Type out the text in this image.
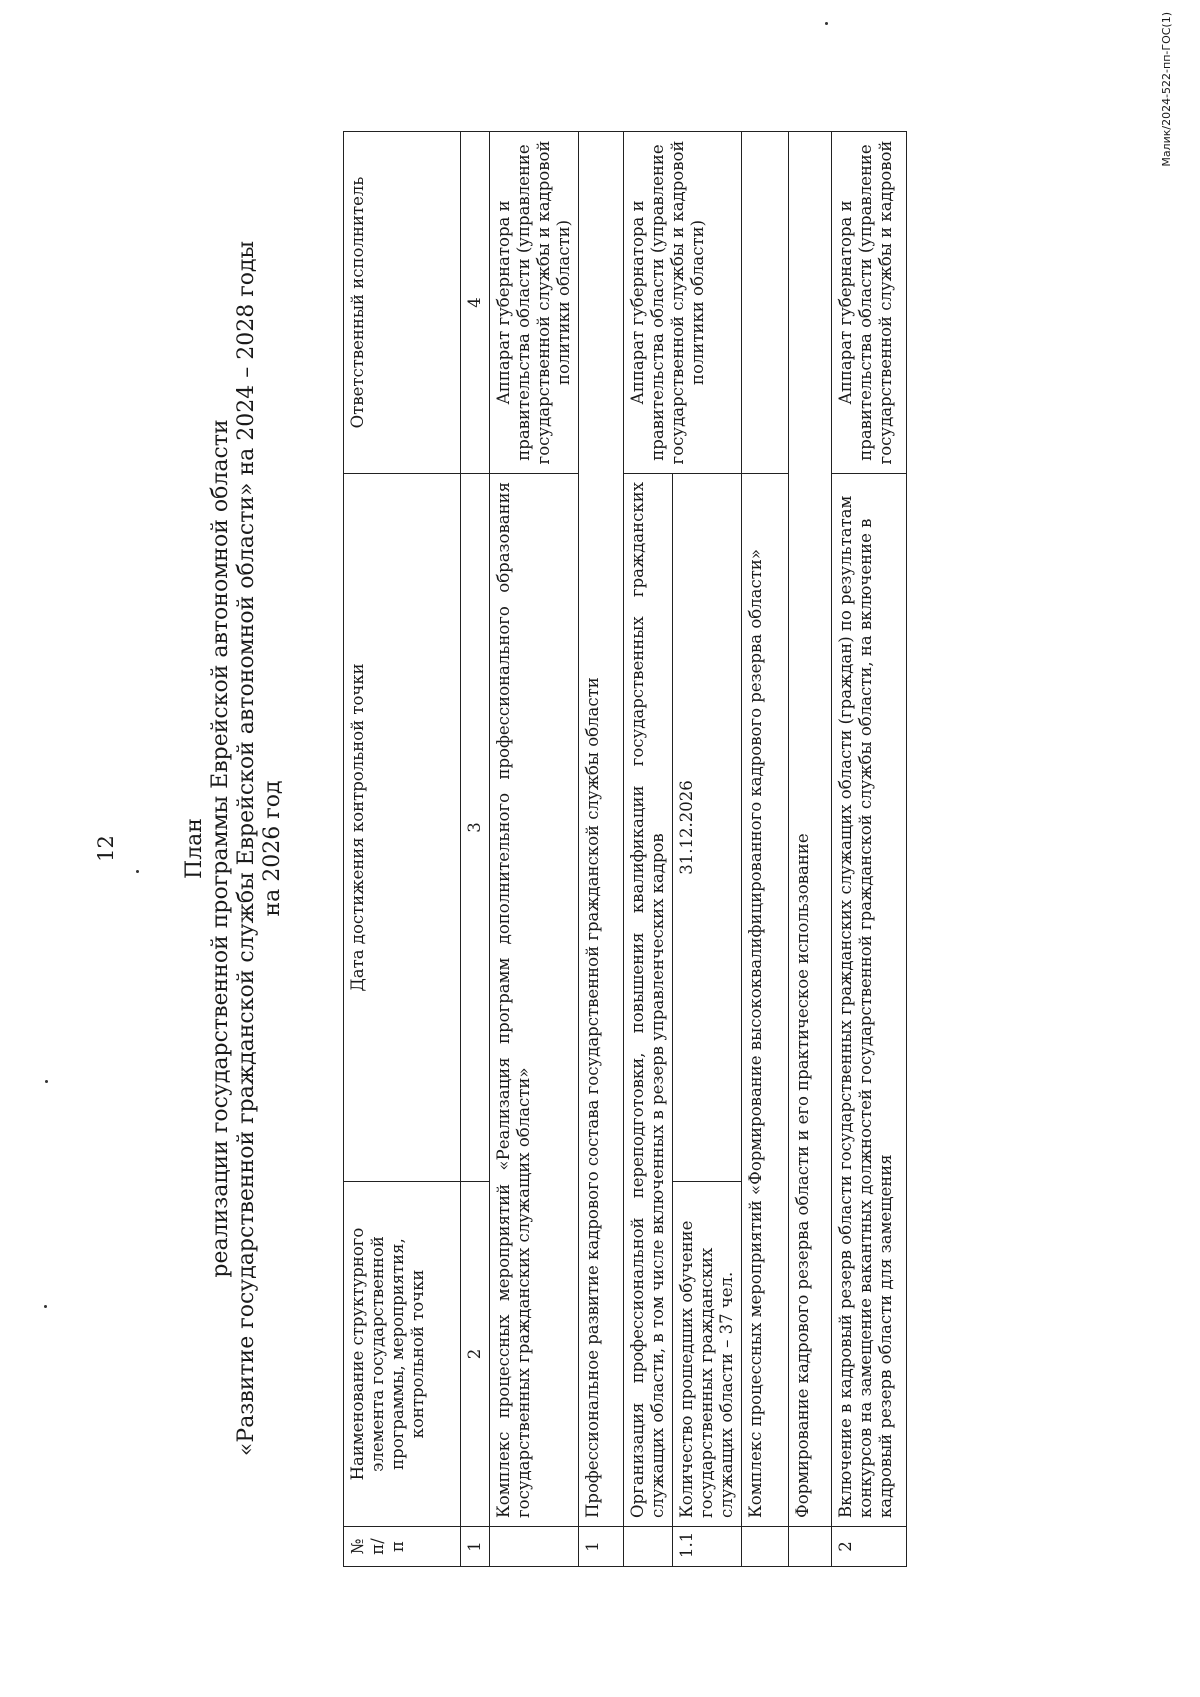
12	План реализации государственной программы Еврейской автономной области «Развитие государственной гражданской службы Еврейской автономной области» на 2024 – 2028 годы на 2026 год
№ п/п	Наименование структурного элемента государственной программы, мероприятия, контрольной точки	Дата достижения контрольной точки	Ответственный исполнитель
1	2	3	4
	Комплекс процессных мероприятий «Реализация программ дополнительного профессионального образования государственных гражданских служащих области»		Аппарат губернатора и правительства области (управление государственной службы и кадровой политики области)
1	Профессиональное развитие кадрового состава государственной гражданской службы области		
	Организация профессиональной переподготовки, повышения квалификации государственных гражданских служащих области, в том числе включенных в резерв управленческих кадров		Аппарат губернатора и правительства области (управление государственной службы и кадровой политики области)
1.1	Количество прошедших обучение государственных гражданских служащих области – 37 чел.	31.12.2026	
	Комплекс процессных мероприятий «Формирование высококвалифицированного кадрового резерва области»		
	Формирование кадрового резерва области и его практическое использование		
2	Включение в кадровый резерв области государственных гражданских служащих области (граждан) по результатам конкурсов на замещение вакантных должностей государственной гражданской службы области, на включение в кадровый резерв области для замещения		Аппарат губернатора и правительства области (управление государственной службы и кадровой
Малик/2024-522-пп-ГОС(1)
